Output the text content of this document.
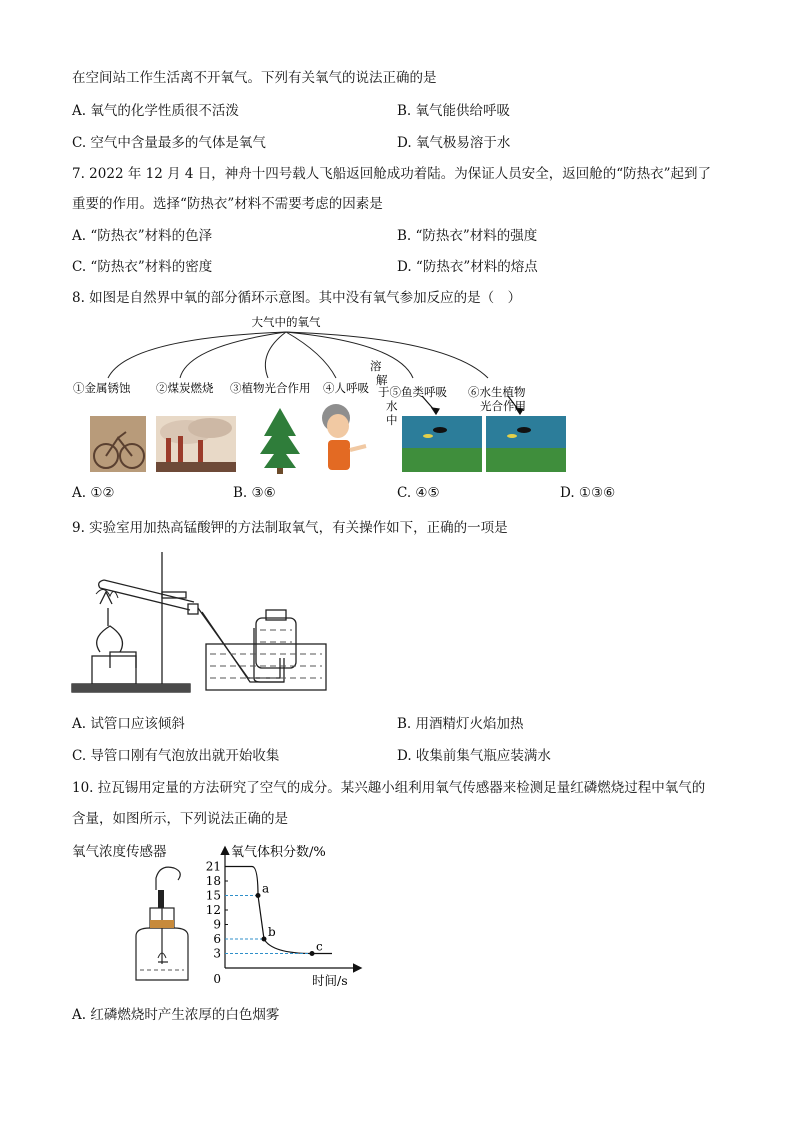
在空间站工作生活离不开氧气。下列有关氧气的说法正确的是
A. 氧气的化学性质很不活泼	B. 氧气能供给呼吸
C. 空气中含量最多的气体是氧气	D. 氧气极易溶于水
7. 2022 年 12 月 4 日，神舟十四号载人飞船返回舱成功着陆。为保证人员安全，返回舱的“防热衣”起到了
重要的作用。选择“防热衣”材料不需要考虑的因素是
A. “防热衣”材料的色泽	B. “防热衣”材料的强度
C. “防热衣”材料的密度	D. “防热衣”材料的熔点
8. 如图是自然界中氧的部分循环示意图。其中没有氧气参加反应的是（　）
大气中的氧气
①金属锈蚀 ②煤炭燃烧 ③植物光合作用 ④人呼吸 于⑤鱼类呼吸 ⑥水生植物
光合作用
溶
解
水
中
A. ①②	B. ③⑥	C. ④⑤	D. ①③⑥
9. 实验室用加热高锰酸钾的方法制取氧气，有关操作如下，正确的一项是
A. 试管口应该倾斜	B. 用酒精灯火焰加热
C. 导管口刚有气泡放出就开始收集	D. 收集前集气瓶应装满水
10. 拉瓦锡用定量的方法研究了空气的成分。某兴趣小组利用氧气传感器来检测足量红磷燃烧过程中氧气的
含量，如图所示，下列说法正确的是
氧气浓度传感器	氧气体积分数/%
时间/s
0
21
18
15
12
9
6
3
a
b
c
A. 红磷燃烧时产生浓厚的白色烟雾
